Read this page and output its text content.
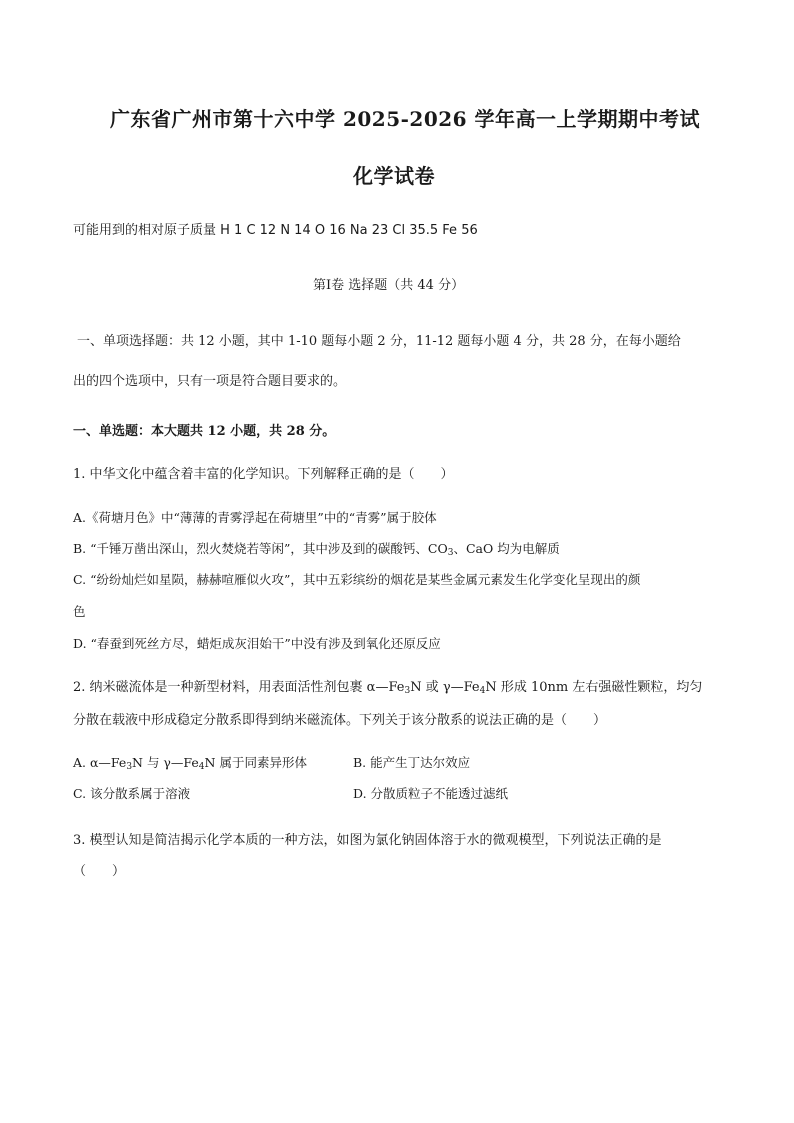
广东省广州市第十六中学 2025-2026 学年高一上学期期中考试
化学试卷
可能用到的相对原子质量 H 1 C 12 N 14 O 16 Na 23 Cl 35.5 Fe 56
第Ⅰ卷 选择题（共 44 分）
一、单项选择题：共 12 小题，其中 1-10 题每小题 2 分，11-12 题每小题 4 分，共 28 分，在每小题给
出的四个选项中，只有一项是符合题目要求的。
一、单选题：本大题共 12 小题，共 28 分。
1. 中华文化中蕴含着丰富的化学知识。下列解释正确的是（　　）
A.《荷塘月色》中“薄薄的青雾浮起在荷塘里”中的“青雾”属于胶体
B. “千锤万凿出深山，烈火焚烧若等闲”，其中涉及到的碳酸钙、$CO_3$、CaO 均为电解质
C. “纷纷灿烂如星陨，赫赫喧雁似火攻”，其中五彩缤纷的烟花是某些金属元素发生化学变化呈现出的颜
色
D. “春蚕到死丝方尽，蜡炬成灰泪始干”中没有涉及到氧化还原反应
2. 纳米磁流体是一种新型材料，用表面活性剂包裹 $\alpha—Fe_3N$ 或 $\gamma—Fe_4N$ 形成 10nm 左右强磁性颗粒，均匀
分散在载液中形成稳定分散系即得到纳米磁流体。下列关于该分散系的说法正确的是（　　）
A. $\alpha—Fe_3N$ 与 $\gamma—Fe_4N$ 属于同素异形体	B. 能产生丁达尔效应
C. 该分散系属于溶液	D. 分散质粒子不能透过滤纸
3. 模型认知是简洁揭示化学本质的一种方法，如图为氯化钠固体溶于水的微观模型，下列说法正确的是
（　　）
